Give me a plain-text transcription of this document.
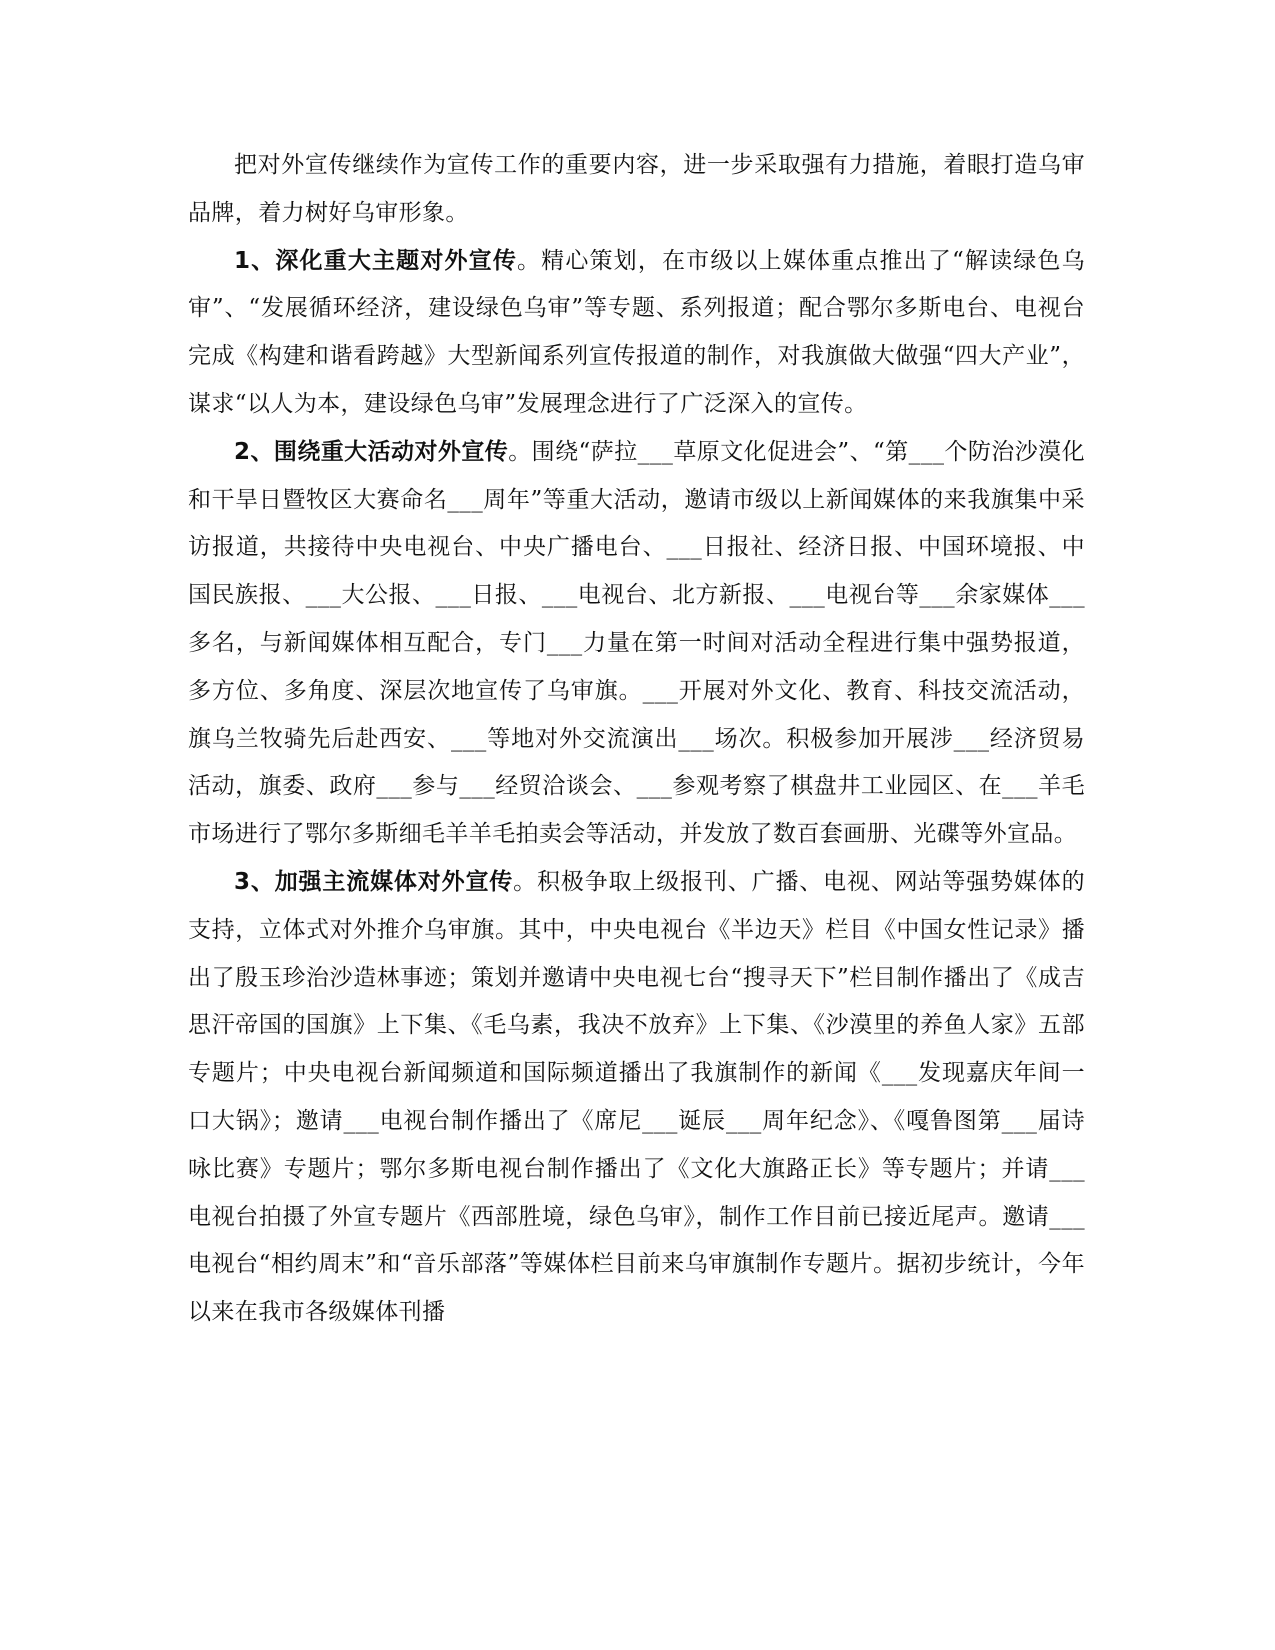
把对外宣传继续作为宣传工作的重要内容，进一步采取强有力措施，着眼打造乌审品牌，着力树好乌审形象。

1、深化重大主题对外宣传。精心策划，在市级以上媒体重点推出了“解读绿色乌审”、“发展循环经济，建设绿色乌审”等专题、系列报道；配合鄂尔多斯电台、电视台完成《构建和谐看跨越》大型新闻系列宣传报道的制作，对我旗做大做强“四大产业”，谋求“以人为本，建设绿色乌审”发展理念进行了广泛深入的宣传。

2、围绕重大活动对外宣传。围绕“萨拉___草原文化促进会”、“第___个防治沙漠化和干旱日暨牧区大赛命名___周年”等重大活动，邀请市级以上新闻媒体的来我旗集中采访报道，共接待中央电视台、中央广播电台、___日报社、经济日报、中国环境报、中国民族报、___大公报、___日报、___电视台、北方新报、___电视台等___余家媒体___多名，与新闻媒体相互配合，专门___力量在第一时间对活动全程进行集中强势报道，多方位、多角度、深层次地宣传了乌审旗。___开展对外文化、教育、科技交流活动，旗乌兰牧骑先后赴西安、___等地对外交流演出___场次。积极参加开展涉___经济贸易活动，旗委、政府___参与___经贸洽谈会、___参观考察了棋盘井工业园区、在___羊毛市场进行了鄂尔多斯细毛羊羊毛拍卖会等活动，并发放了数百套画册、光碟等外宣品。

3、加强主流媒体对外宣传。积极争取上级报刊、广播、电视、网站等强势媒体的支持，立体式对外推介乌审旗。其中，中央电视台《半边天》栏目《中国女性记录》播出了殷玉珍治沙造林事迹；策划并邀请中央电视七台“搜寻天下”栏目制作播出了《成吉思汗帝国的国旗》上下集、《毛乌素，我决不放弃》上下集、《沙漠里的养鱼人家》五部专题片；中央电视台新闻频道和国际频道播出了我旗制作的新闻《___发现嘉庆年间一口大锅》；邀请___电视台制作播出了《席尼___诞辰___周年纪念》、《嘎鲁图第___届诗咏比赛》专题片；鄂尔多斯电视台制作播出了《文化大旗路正长》等专题片；并请___电视台拍摄了外宣专题片《西部胜境，绿色乌审》，制作工作目前已接近尾声。邀请___电视台“相约周末”和“音乐部落”等媒体栏目前来乌审旗制作专题片。据初步统计，今年以来在我市各级媒体刊播
